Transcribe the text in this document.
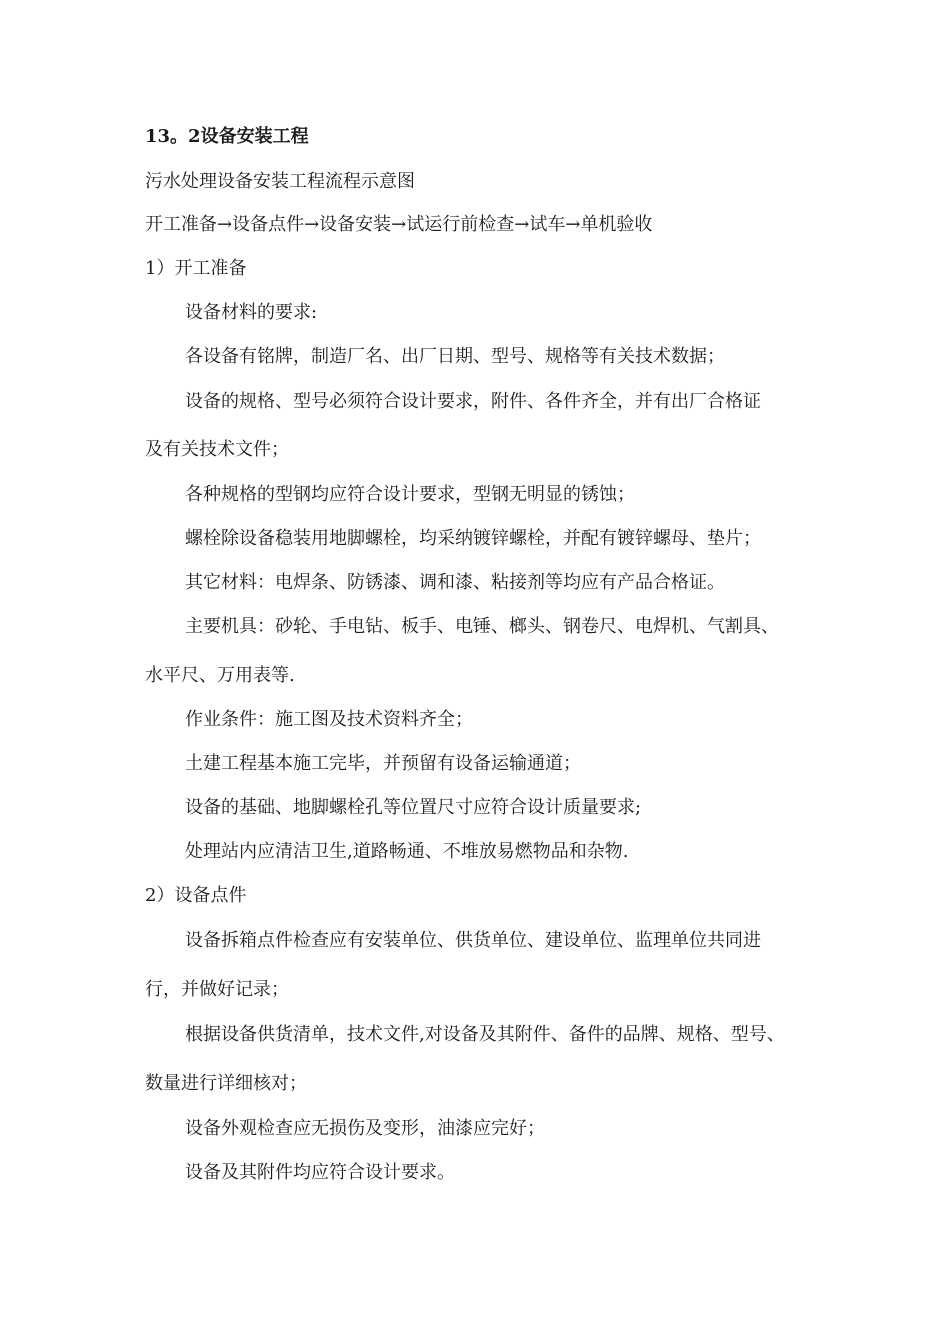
13。2设备安装工程
污水处理设备安装工程流程示意图
开工准备→设备点件→设备安装→试运行前检查→试车→单机验收
1）开工准备
设备材料的要求:
各设备有铭牌，制造厂名、出厂日期、型号、规格等有关技术数据；
设备的规格、型号必须符合设计要求，附件、各件齐全，并有出厂合格证
及有关技术文件；
各种规格的型钢均应符合设计要求，型钢无明显的锈蚀；
螺栓除设备稳装用地脚螺栓，均采纳镀锌螺栓，并配有镀锌螺母、垫片；
其它材料：电焊条、防锈漆、调和漆、粘接剂等均应有产品合格证。
主要机具：砂轮、手电钻、板手、电锤、榔头、钢卷尺、电焊机、气割具、
水平尺、万用表等.
作业条件：施工图及技术资料齐全；
土建工程基本施工完毕，并预留有设备运输通道；
设备的基础、地脚螺栓孔等位置尺寸应符合设计质量要求;
处理站内应清洁卫生,道路畅通、不堆放易燃物品和杂物.
2）设备点件
设备拆箱点件检查应有安装单位、供货单位、建设单位、监理单位共同进
行，并做好记录；
根据设备供货清单，技术文件,对设备及其附件、备件的品牌、规格、型号、
数量进行详细核对；
设备外观检查应无损伤及变形，油漆应完好；
设备及其附件均应符合设计要求。
